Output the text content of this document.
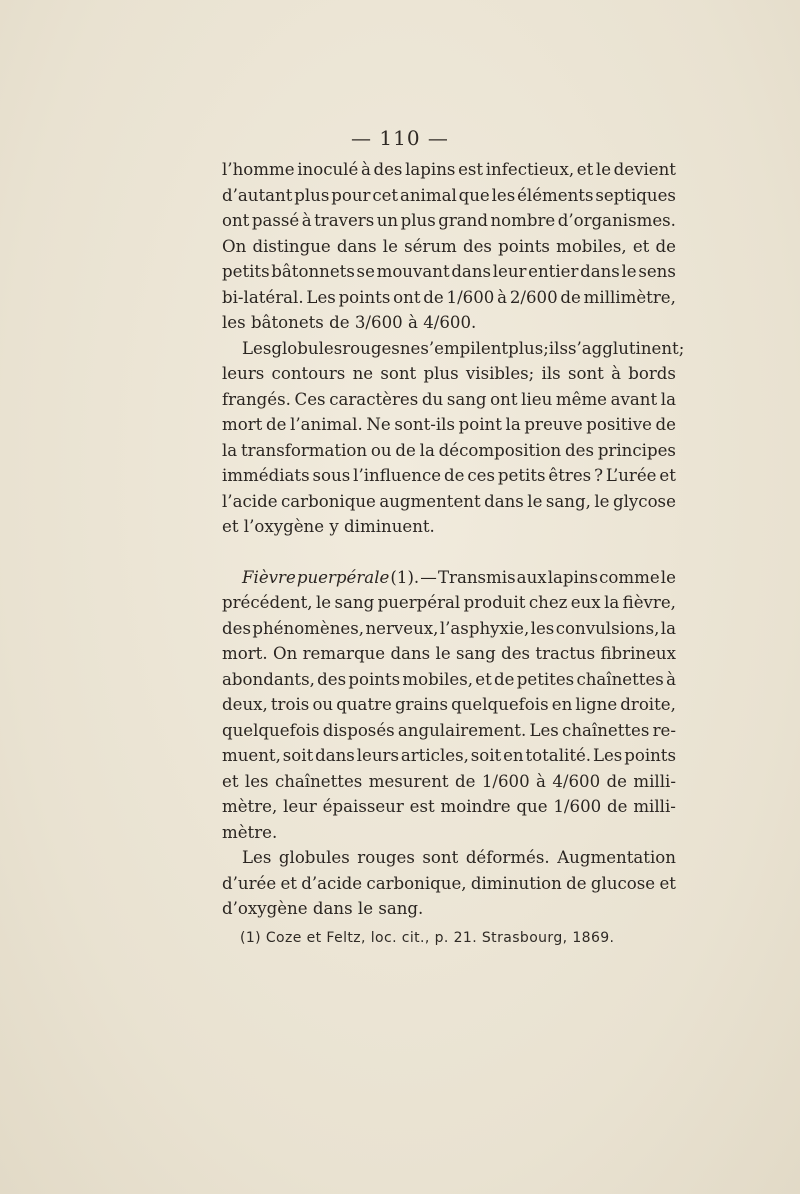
— 110 —
l’homme inoculé à des lapins est infectieux, et le devient
d’autant plus pour cet animal que les éléments septiques
ont passé à travers un plus grand nombre d’organismes.
On distingue dans le sérum des points mobiles, et de
petits bâtonnets se mouvant dans leur entier dans le sens
bi-latéral. Les points ont de 1/600 à 2/600 de millimètre,
les bâtonets de 3/600 à 4/600.
Les globules rouges ne s’empilent plus; ils s’agglutinent;
leurs contours ne sont plus visibles; ils sont à bords
frangés. Ces caractères du sang ont lieu même avant la
mort de l’animal. Ne sont-ils point la preuve positive de
la transformation ou de la décomposition des principes
immédiats sous l’influence de ces petits êtres ? L’urée et
l’acide carbonique augmentent dans le sang, le glycose
et l’oxygène y diminuent.
Fièvre puerpérale (1). — Transmis aux lapins comme le
précédent, le sang puerpéral produit chez eux la fièvre,
des phénomènes, nerveux, l’asphyxie, les convulsions, la
mort. On remarque dans le sang des tractus fibrineux
abondants, des points mobiles, et de petites chaînettes à
deux, trois ou quatre grains quelquefois en ligne droite,
quelquefois disposés angulairement. Les chaînettes re-
muent, soit dans leurs articles, soit en totalité. Les points
et les chaînettes mesurent de 1/600 à 4/600 de milli-
mètre, leur épaisseur est moindre que 1/600 de milli-
mètre.
Les globules rouges sont déformés. Augmentation
d’urée et d’acide carbonique, diminution de glucose et
d’oxygène dans le sang.
(1) Coze et Feltz, loc. cit., p. 21. Strasbourg, 1869.
